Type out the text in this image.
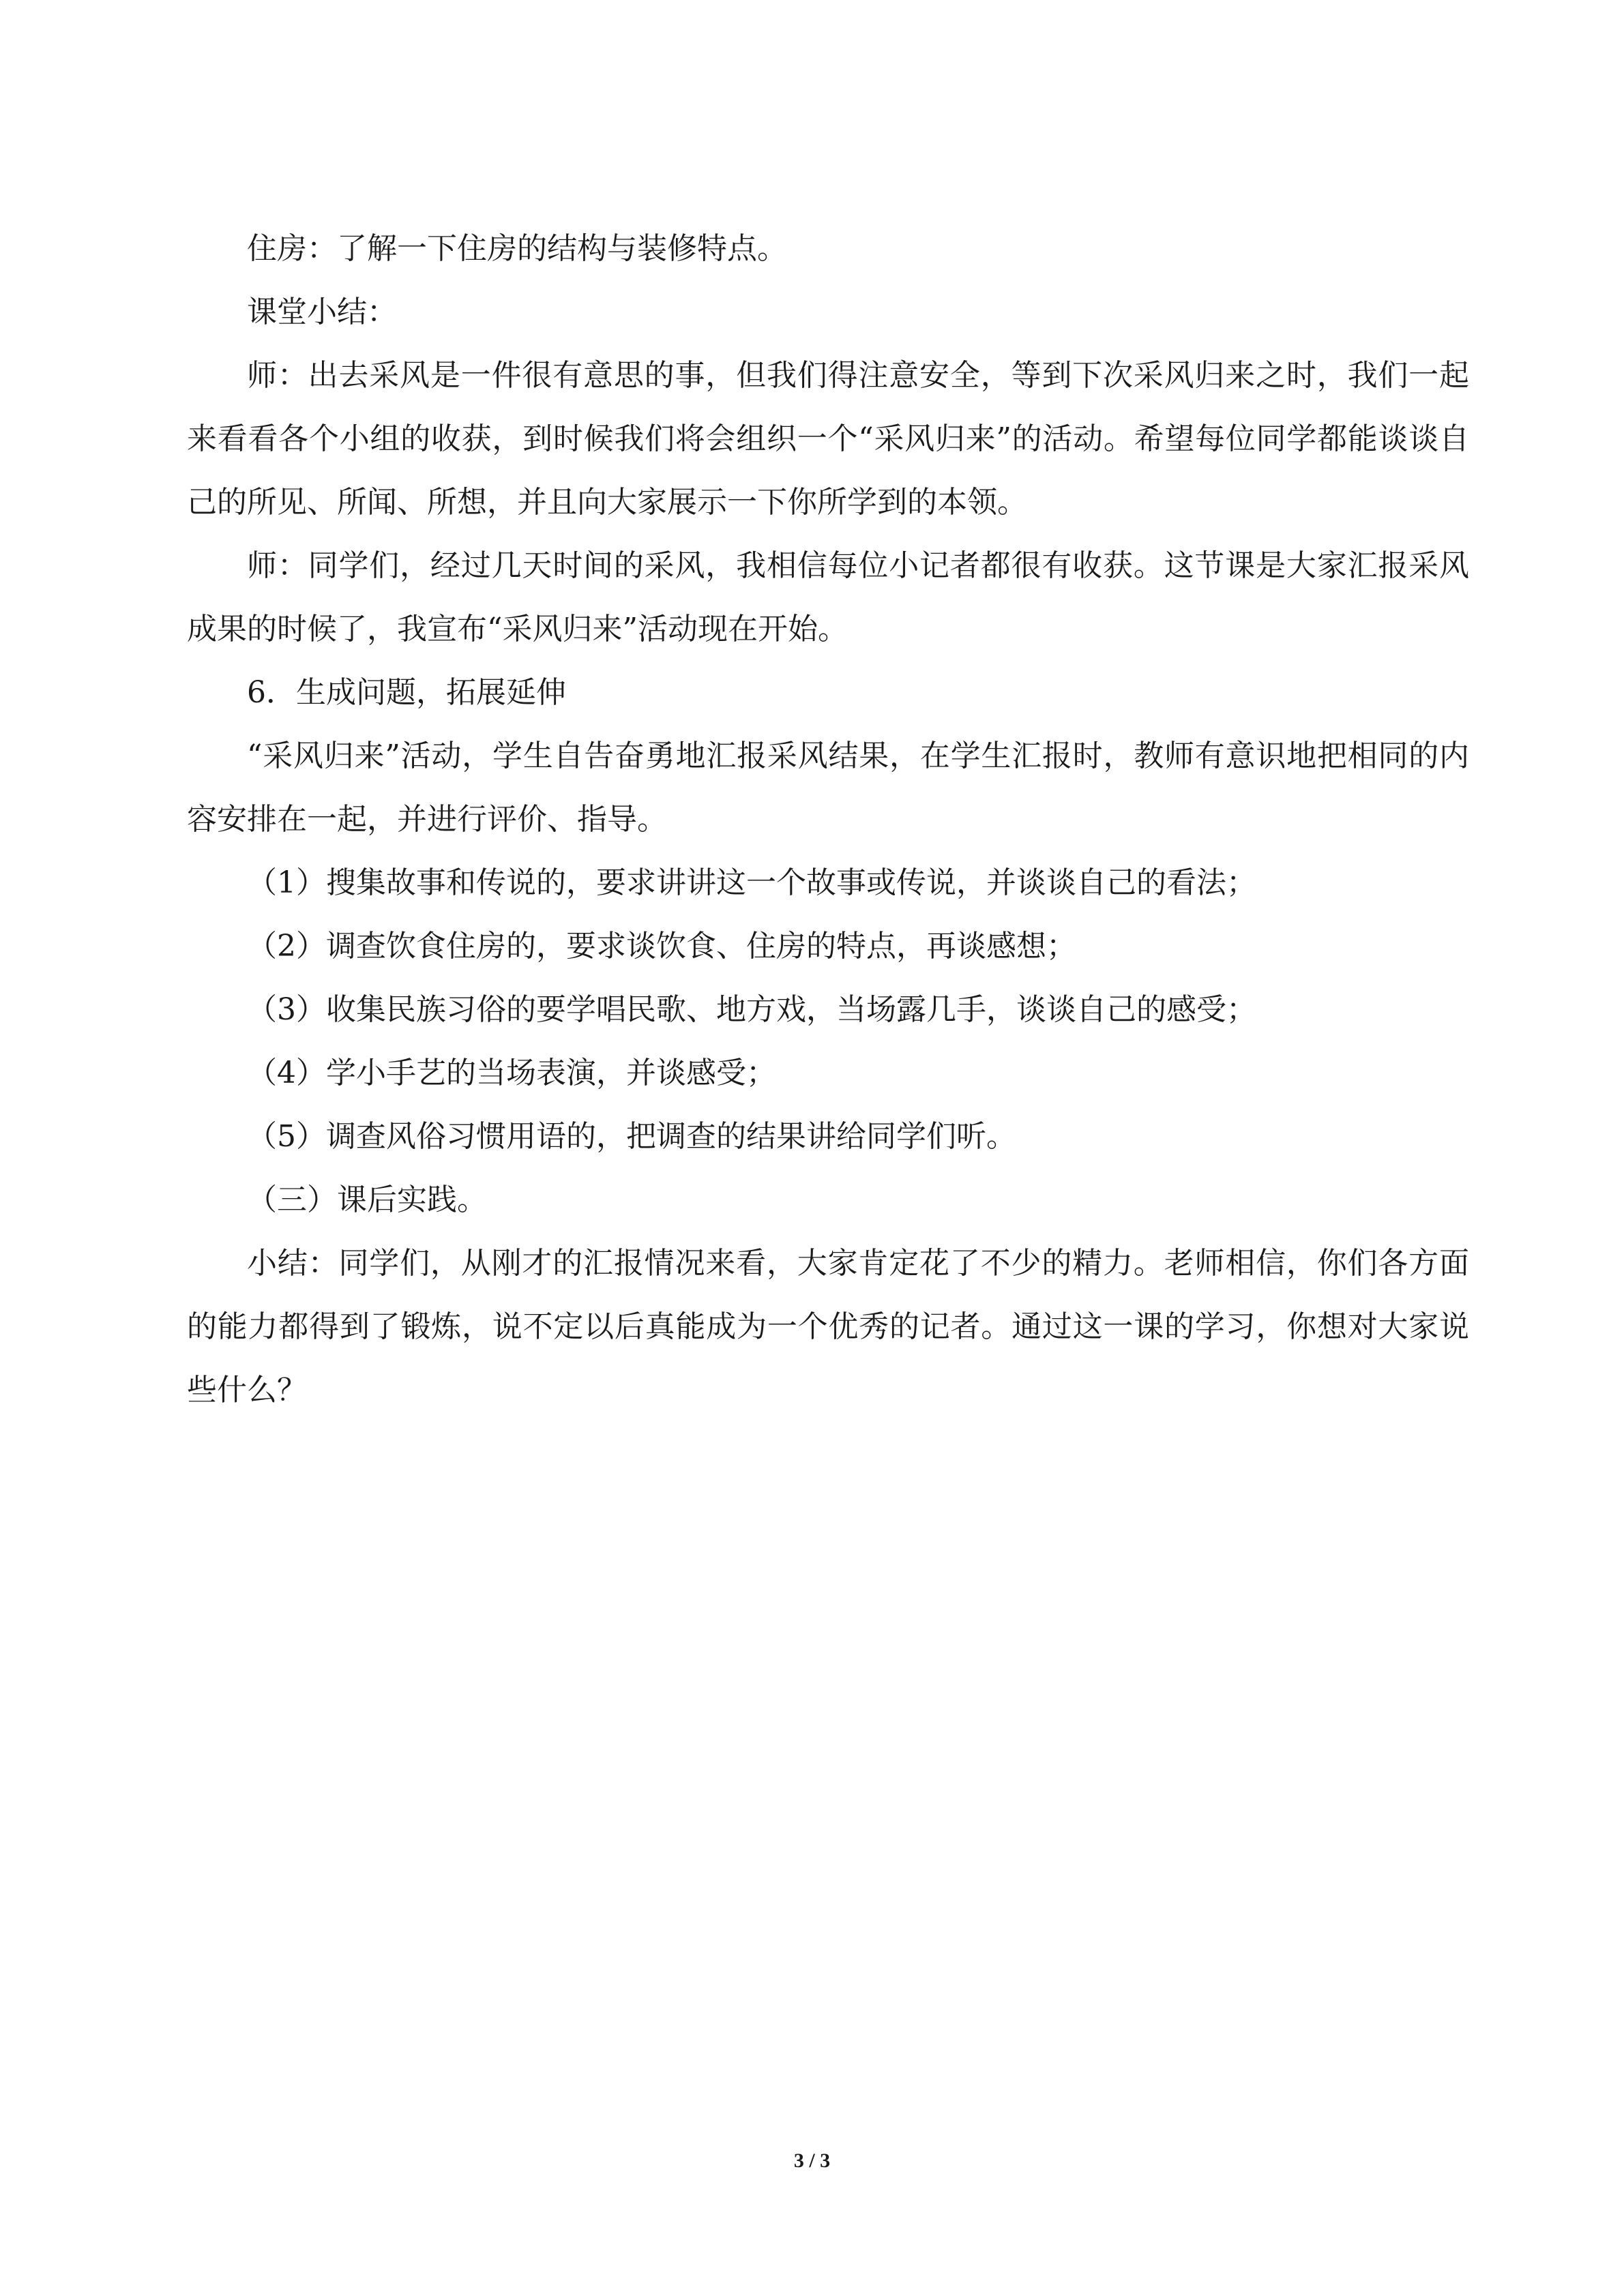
住房：了解一下住房的结构与装修特点。

课堂小结：

师：出去采风是一件很有意思的事，但我们得注意安全，等到下次采风归来之时，我们一起来看看各个小组的收获，到时候我们将会组织一个“采风归来”的活动。希望每位同学都能谈谈自己的所见、所闻、所想，并且向大家展示一下你所学到的本领。

师：同学们，经过几天时间的采风，我相信每位小记者都很有收获。这节课是大家汇报采风成果的时候了，我宣布“采风归来”活动现在开始。

6．生成问题，拓展延伸

“采风归来”活动，学生自告奋勇地汇报采风结果，在学生汇报时，教师有意识地把相同的内容安排在一起，并进行评价、指导。

（1）搜集故事和传说的，要求讲讲这一个故事或传说，并谈谈自己的看法；

（2）调查饮食住房的，要求谈饮食、住房的特点，再谈感想；

（3）收集民族习俗的要学唱民歌、地方戏，当场露几手，谈谈自己的感受；

（4）学小手艺的当场表演，并谈感受；

（5）调查风俗习惯用语的，把调查的结果讲给同学们听。

（三）课后实践。

小结：同学们，从刚才的汇报情况来看，大家肯定花了不少的精力。老师相信，你们各方面的能力都得到了锻炼，说不定以后真能成为一个优秀的记者。通过这一课的学习，你想对大家说些什么？

3 / 3
